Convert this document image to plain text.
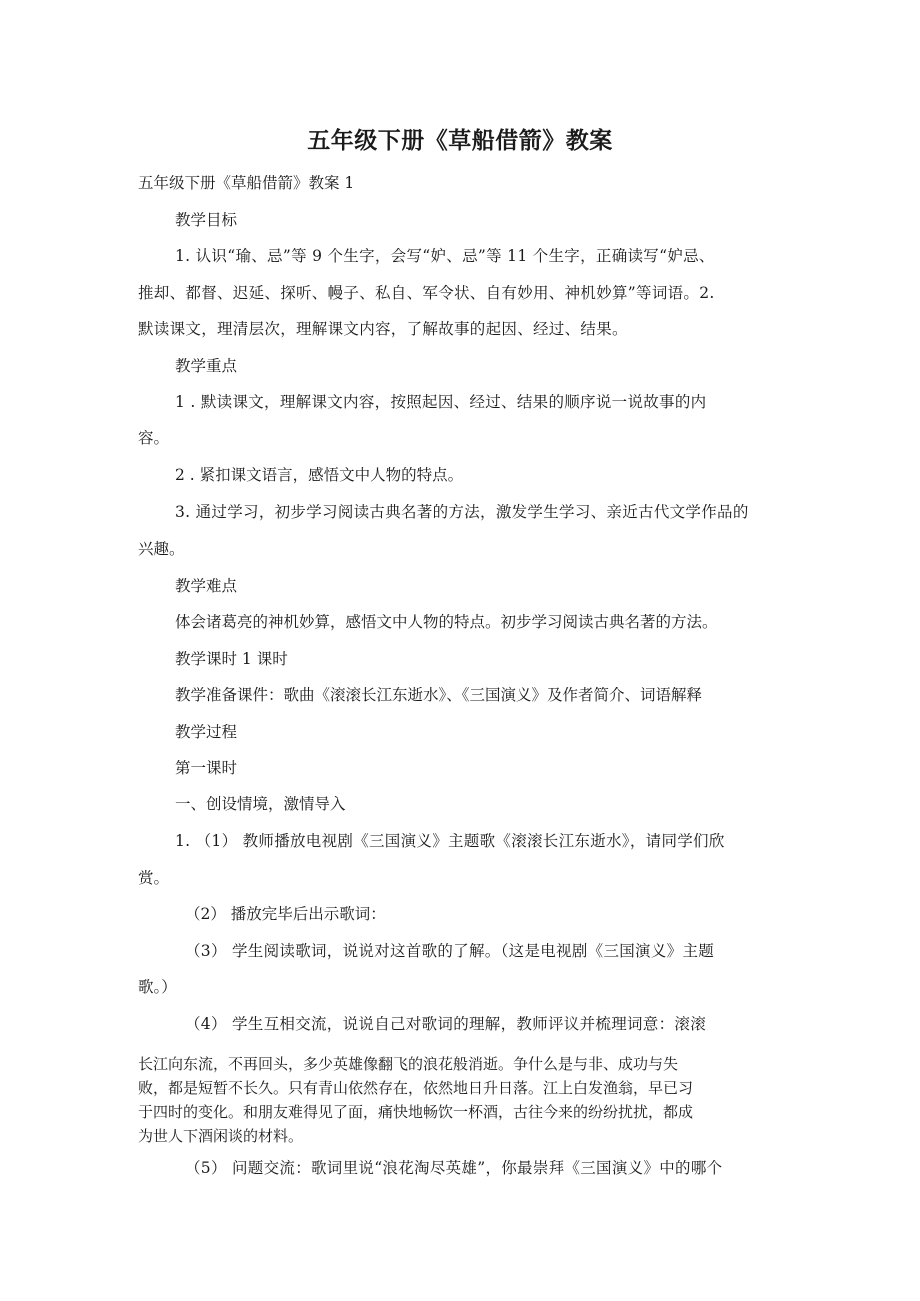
五年级下册《草船借箭》教案
五年级下册《草船借箭》教案 1
教学目标
1. 认识“瑜、忌”等 9 个生字，会写“妒、忌”等 11 个生字，正确读写“妒忌、
推却、都督、迟延、探听、幔子、私自、军令状、自有妙用、神机妙算”等词语。2.
默读课文，理清层次，理解课文内容，了解故事的起因、经过、结果。
教学重点
1 . 默读课文，理解课文内容，按照起因、经过、结果的顺序说一说故事的内
容。
2 . 紧扣课文语言，感悟文中人物的特点。
3. 通过学习，初步学习阅读古典名著的方法，激发学生学习、亲近古代文学作品的
兴趣。
教学难点
体会诸葛亮的神机妙算，感悟文中人物的特点。初步学习阅读古典名著的方法。
教学课时 1 课时
教学准备课件：歌曲《滚滚长江东逝水》、《三国演义》及作者简介、词语解释
教学过程
第一课时
一、创设情境，激情导入
1. （1） 教师播放电视剧《三国演义》主题歌《滚滚长江东逝水》，请同学们欣
赏。
（2） 播放完毕后出示歌词：
（3） 学生阅读歌词，说说对这首歌的了解。（这是电视剧《三国演义》主题
歌。）
（4） 学生互相交流，说说自己对歌词的理解，教师评议并梳理词意：滚滚
长江向东流，不再回头，多少英雄像翻飞的浪花般消逝。争什么是与非、成功与失
败，都是短暂不长久。只有青山依然存在，依然地日升日落。江上白发渔翁，早已习
于四时的变化。和朋友难得见了面，痛快地畅饮一杯酒，古往今来的纷纷扰扰，都成
为世人下酒闲谈的材料。
（5） 问题交流：歌词里说“浪花淘尽英雄”，你最崇拜《三国演义》中的哪个
